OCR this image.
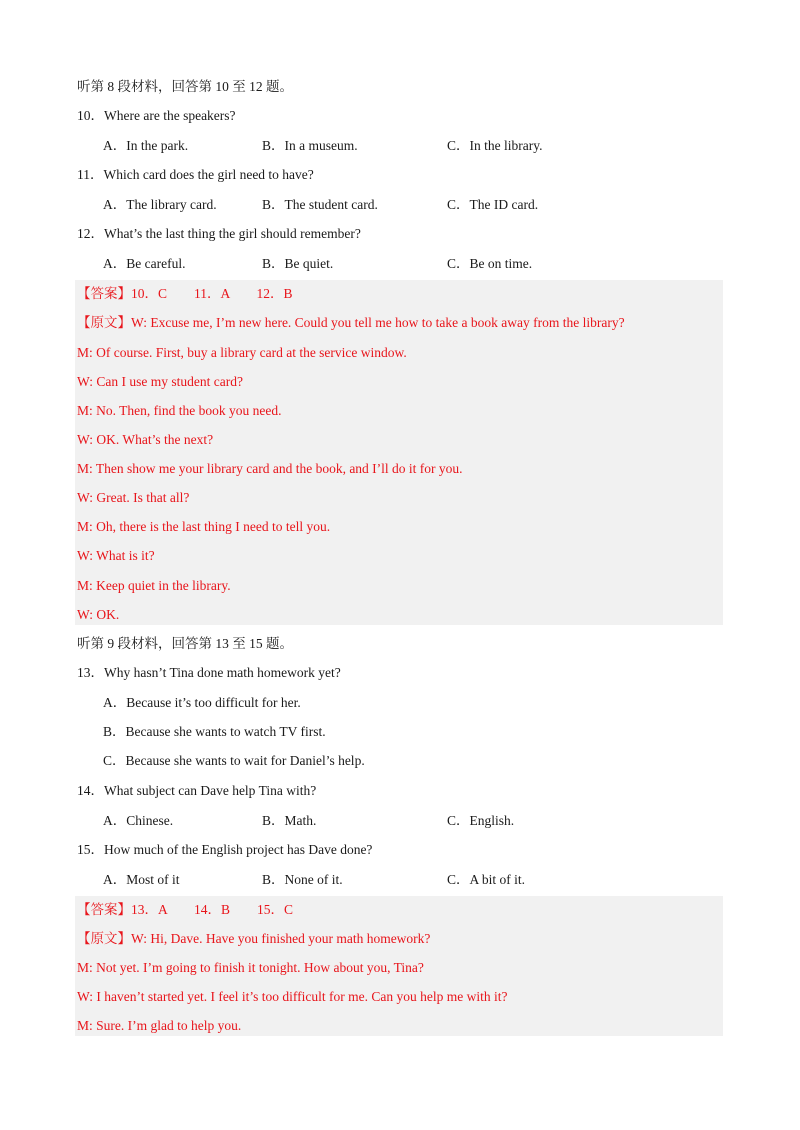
听第 8 段材料，回答第 10 至 12 题。
10．Where are the speakers?
A．In the park.	B．In a museum.	C．In the library.
11．Which card does the girl need to have?
A．The library card.	B．The student card.	C．The ID card.
12．What’s the last thing the girl should remember?
A．Be careful.	B．Be quiet.	C．Be on time.
【答案】10．C　　11．A　　12．B
【原文】W: Excuse me, I’m new here. Could you tell me how to take a book away from the library?
M: Of course. First, buy a library card at the service window.
W: Can I use my student card?
M: No. Then, find the book you need.
W: OK. What’s the next?
M: Then show me your library card and the book, and I’ll do it for you.
W: Great. Is that all?
M: Oh, there is the last thing I need to tell you.
W: What is it?
M: Keep quiet in the library.
W: OK.
听第 9 段材料，回答第 13 至 15 题。
13．Why hasn’t Tina done math homework yet?
A．Because it’s too difficult for her.
B．Because she wants to watch TV first.
C．Because she wants to wait for Daniel’s help.
14．What subject can Dave help Tina with?
A．Chinese.	B．Math.	C．English.
15．How much of the English project has Dave done?
A．Most of it	B．None of it.	C．A bit of it.
【答案】13．A　　14．B　　15．C
【原文】W: Hi, Dave. Have you finished your math homework?
M: Not yet. I’m going to finish it tonight. How about you, Tina?
W: I haven’t started yet. I feel it’s too difficult for me. Can you help me with it?
M: Sure. I’m glad to help you.
